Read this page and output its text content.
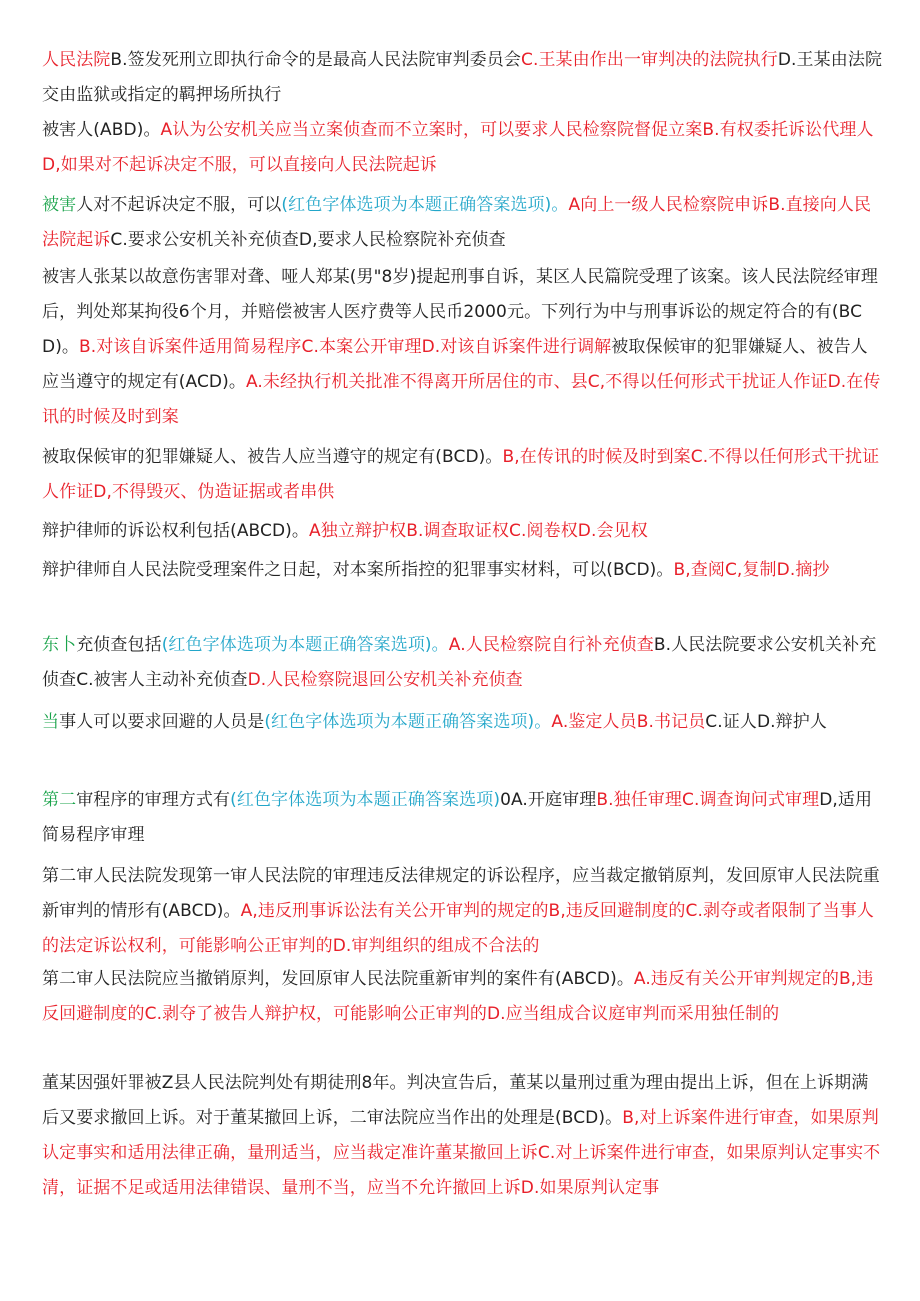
人民法院B.签发死刑立即执行命令的是最高人民法院审判委员会C.王某由作出一审判决的法院执行D.王某由法院交由监狱或指定的羁押场所执行

被害人(ABD)。A认为公安机关应当立案侦查而不立案时，可以要求人民检察院督促立案B.有权委托诉讼代理人D,如果对不起诉决定不服，可以直接向人民法院起诉

被害人对不起诉决定不服，可以(红色字体选项为本题正确答案选项)。A向上一级人民检察院申诉B.直接向人民法院起诉C.要求公安机关补充侦查D,要求人民检察院补充侦查

被害人张某以故意伤害罪对聋、哑人郑某(男"8岁)提起刑事自诉，某区人民篇院受理了该案。该人民法院经审理后，判处郑某拘役6个月，并赔偿被害人医疗费等人民币2000元。下列行为中与刑事诉讼的规定符合的有(BCD)。B.对该自诉案件适用简易程序C.本案公开审理D.对该自诉案件进行调解被取保候审的犯罪嫌疑人、被告人应当遵守的规定有(ACD)。A.未经执行机关批准不得离开所居住的市、县C,不得以任何形式干扰证人作证D.在传讯的时候及时到案

被取保候审的犯罪嫌疑人、被告人应当遵守的规定有(BCD)。B,在传讯的时候及时到案C.不得以任何形式干扰证人作证D,不得毁灭、伪造证据或者串供

辩护律师的诉讼权利包括(ABCD)。A独立辩护权B.调查取证权C.阅卷权D.会见权

辩护律师自人民法院受理案件之日起，对本案所指控的犯罪事实材料，可以(BCD)。B,查阅C,复制D.摘抄

东卜充侦查包括(红色字体选项为本题正确答案选项)。A.人民检察院自行补充侦查B.人民法院要求公安机关补充侦查C.被害人主动补充侦查D.人民检察院退回公安机关补充侦查

当事人可以要求回避的人员是(红色字体选项为本题正确答案选项)。A.鉴定人员B.书记员C.证人D.辩护人

第二审程序的审理方式有(红色字体选项为本题正确答案选项)0A.开庭审理B.独任审理C.调查询问式审理D,适用简易程序审理

第二审人民法院发现第一审人民法院的审理违反法律规定的诉讼程序，应当裁定撤销原判，发回原审人民法院重新审判的情形有(ABCD)。A,违反刑事诉讼法有关公开审判的规定的B,违反回避制度的C.剥夺或者限制了当事人的法定诉讼权利，可能影响公正审判的D.审判组织的组成不合法的

第二审人民法院应当撤销原判，发回原审人民法院重新审判的案件有(ABCD)。A.违反有关公开审判规定的B,违反回避制度的C.剥夺了被告人辩护权，可能影响公正审判的D.应当组成合议庭审判而采用独任制的

董某因强奸罪被Z县人民法院判处有期徒刑8年。判决宣告后，董某以量刑过重为理由提出上诉，但在上诉期满后又要求撤回上诉。对于董某撤回上诉，二审法院应当作出的处理是(BCD)。B,对上诉案件进行审查，如果原判认定事实和适用法律正确，量刑适当，应当裁定准许董某撤回上诉C.对上诉案件进行审查，如果原判认定事实不清，证据不足或适用法律错误、量刑不当，应当不允许撤回上诉D.如果原判认定事
